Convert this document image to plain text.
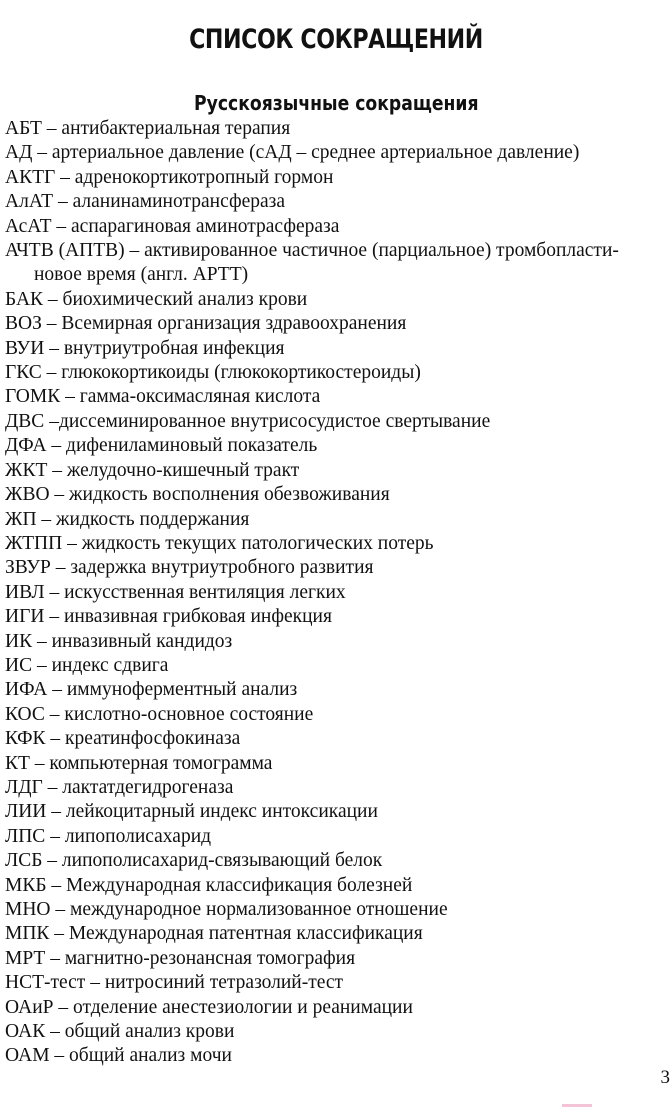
СПИСОК СОКРАЩЕНИЙ
Русскоязычные сокращения
АБТ – антибактериальная терапия
АД – артериальное давление (сАД – среднее артериальное давление)
АКТГ – адренокортикотропный гормон
АлАТ – аланинаминотрансфераза
АсАТ – аспарагиновая аминотрасфераза
АЧТВ (АПТВ) – активированное частичное (парциальное) тромбопласти-
новое время (англ. АРТТ)
БАК – биохимический анализ крови
ВОЗ – Всемирная организация здравоохранения
ВУИ – внутриутробная инфекция
ГКС – глюкокортикоиды (глюкокортикостероиды)
ГОМК – гамма-оксимасляная кислота
ДВС –диссеминированное внутрисосудистое свертывание
ДФА – дифениламиновый показатель
ЖКТ – желудочно-кишечный тракт
ЖВО – жидкость восполнения обезвоживания
ЖП – жидкость поддержания
ЖТПП – жидкость текущих патологических потерь
ЗВУР – задержка внутриутробного развития
ИВЛ – искусственная вентиляция легких
ИГИ – инвазивная грибковая инфекция
ИК – инвазивный кандидоз
ИС – индекс сдвига
ИФА – иммуноферментный анализ
КОС – кислотно-основное состояние
КФК – креатинфосфокиназа
КТ – компьютерная томограмма
ЛДГ – лактатдегидрогеназа
ЛИИ – лейкоцитарный индекс интоксикации
ЛПС – липополисахарид
ЛСБ – липополисахарид-связывающий белок
МКБ – Международная классификация болезней
МНО – международное нормализованное отношение
МПК – Международная патентная классификация
МРТ – магнитно-резонансная томография
НСТ-тест – нитросиний тетразолий-тест
ОАиР – отделение анестезиологии и реанимации
ОАК – общий анализ крови
ОАМ – общий анализ мочи
3
